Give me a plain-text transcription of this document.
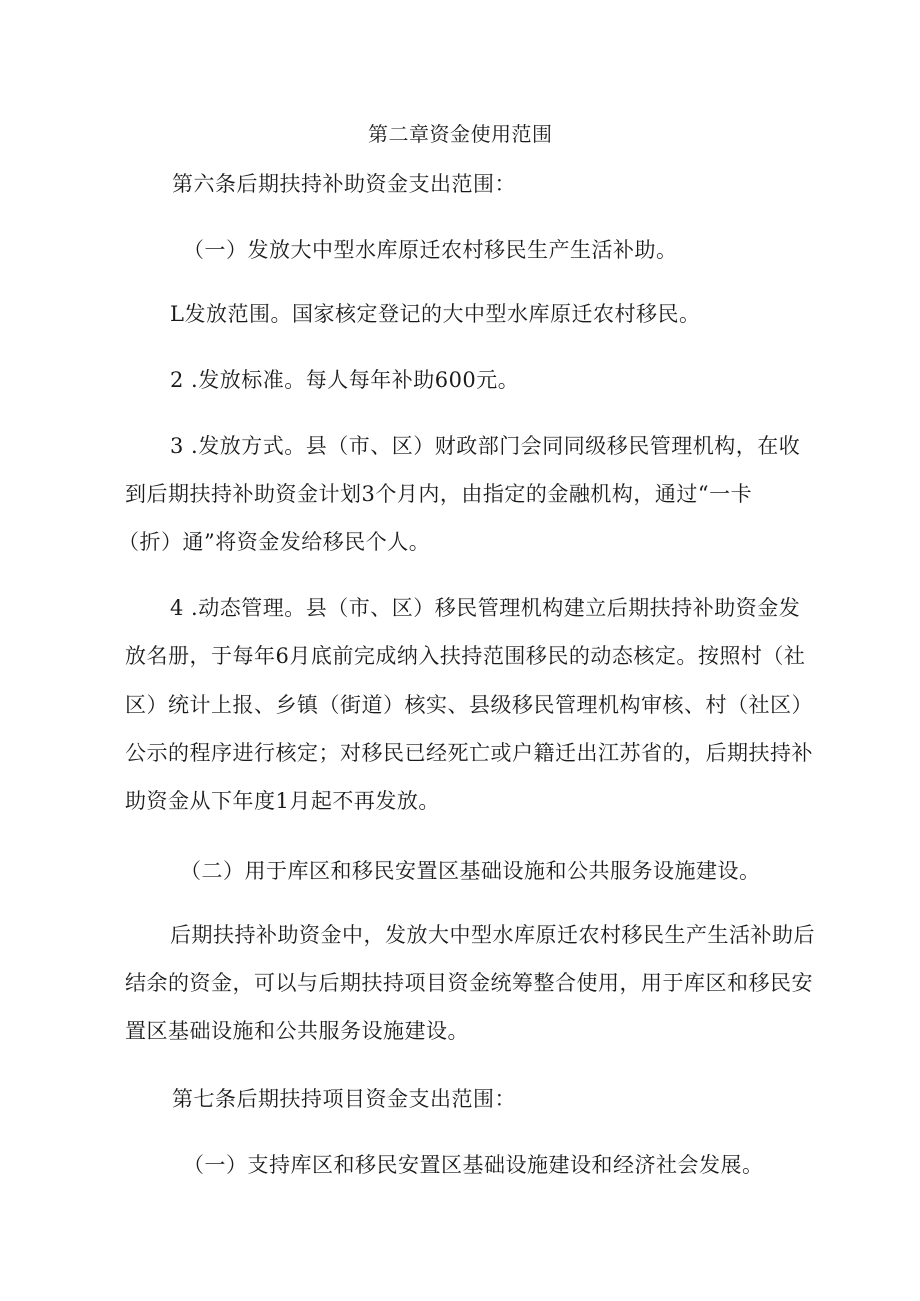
第二章资金使用范围
第六条后期扶持补助资金支出范围：
（一）发放大中型水库原迁农村移民生产生活补助。
L发放范围。国家核定登记的大中型水库原迁农村移民。
2 .发放标准。每人每年补助600元。
3 .发放方式。县（市、区）财政部门会同同级移民管理机构，在收
到后期扶持补助资金计划3个月内，由指定的金融机构，通过“一卡
（折）通”将资金发给移民个人。
4 .动态管理。县（市、区）移民管理机构建立后期扶持补助资金发
放名册，于每年6月底前完成纳入扶持范围移民的动态核定。按照村（社
区）统计上报、乡镇（街道）核实、县级移民管理机构审核、村（社区）
公示的程序进行核定；对移民已经死亡或户籍迁出江苏省的，后期扶持补
助资金从下年度1月起不再发放。
（二）用于库区和移民安置区基础设施和公共服务设施建设。
后期扶持补助资金中，发放大中型水库原迁农村移民生产生活补助后
结余的资金，可以与后期扶持项目资金统筹整合使用，用于库区和移民安
置区基础设施和公共服务设施建设。
第七条后期扶持项目资金支出范围：
（一）支持库区和移民安置区基础设施建设和经济社会发展。
